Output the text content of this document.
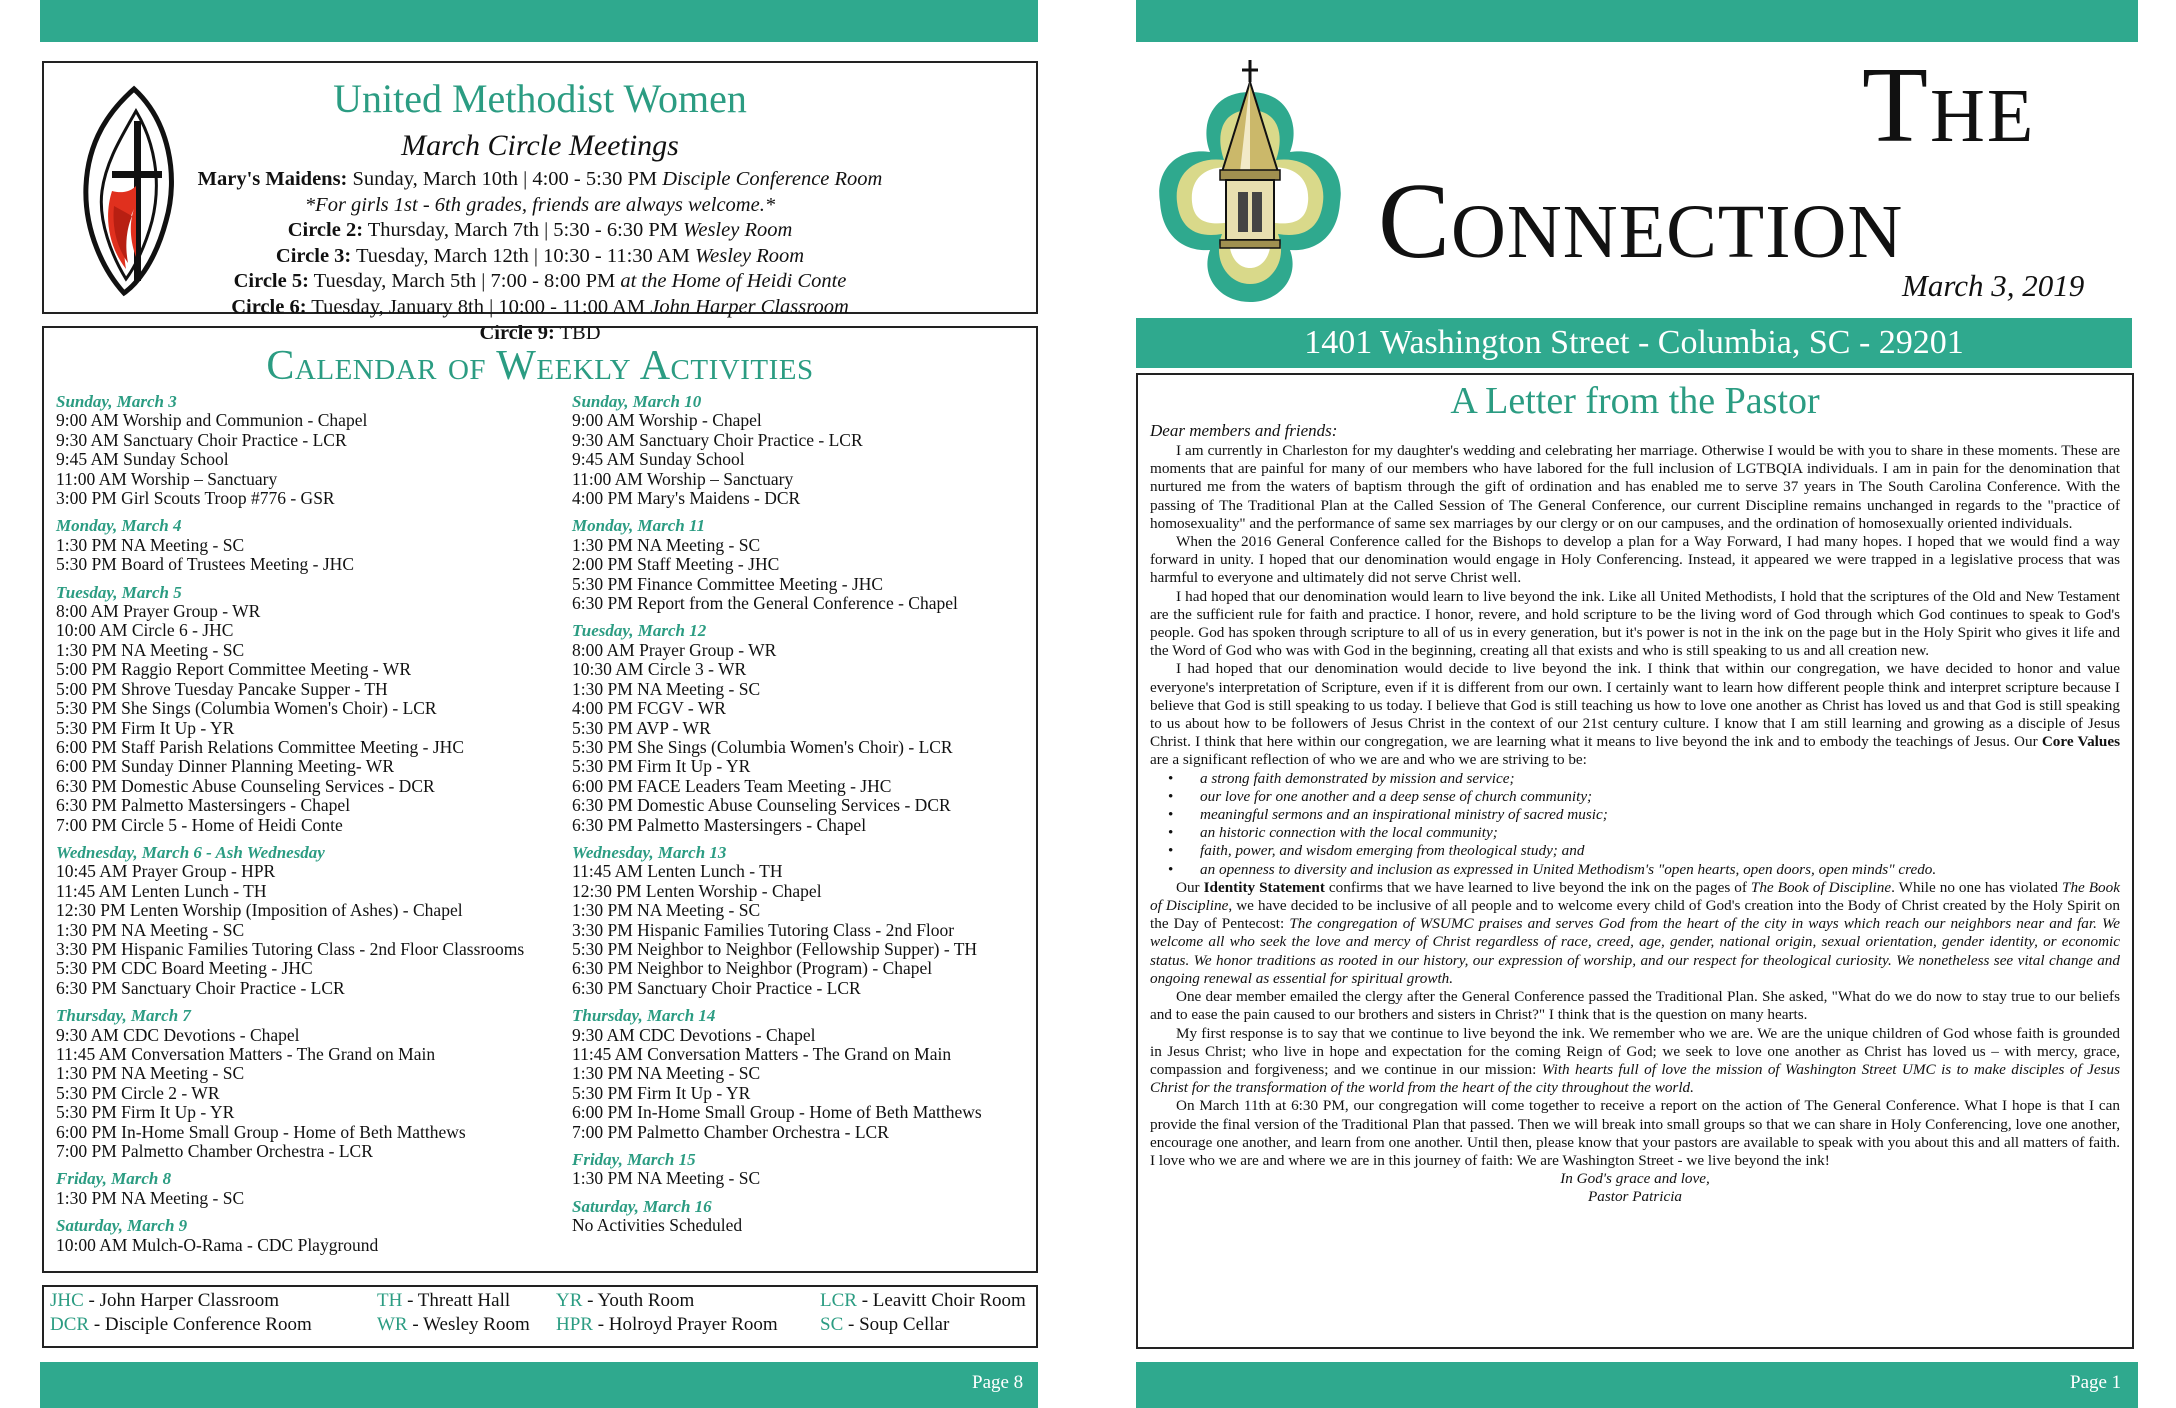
United Methodist Women
March Circle Meetings
Mary's Maidens: Sunday, March 10th | 4:00 - 5:30 PM Disciple Conference Room
*For girls 1st - 6th grades, friends are always welcome.*
Circle 2: Thursday, March 7th | 5:30 - 6:30 PM Wesley Room
Circle 3: Tuesday, March 12th | 10:30 - 11:30 AM Wesley Room
Circle 5: Tuesday, March 5th | 7:00 - 8:00 PM at the Home of Heidi Conte
Circle 6: Tuesday, January 8th | 10:00 - 11:00 AM John Harper Classroom
Circle 9: TBD
Calendar of Weekly Activities
Sunday, March 3
9:00 AM Worship and Communion - Chapel
9:30 AM Sanctuary Choir Practice - LCR
9:45 AM Sunday School
11:00 AM Worship – Sanctuary
3:00 PM Girl Scouts Troop #776 - GSR
Monday, March 4
1:30 PM NA Meeting - SC
5:30 PM Board of Trustees Meeting - JHC
Tuesday, March 5
8:00 AM Prayer Group - WR
10:00 AM Circle 6 - JHC
1:30 PM NA Meeting - SC
5:00 PM Raggio Report Committee Meeting - WR
5:00 PM Shrove Tuesday Pancake Supper - TH
5:30 PM She Sings (Columbia Women's Choir) - LCR
5:30 PM Firm It Up - YR
6:00 PM Staff Parish Relations Committee Meeting - JHC
6:00 PM Sunday Dinner Planning Meeting- WR
6:30 PM Domestic Abuse Counseling Services - DCR
6:30 PM Palmetto Mastersingers - Chapel
7:00 PM Circle 5 - Home of Heidi Conte
Wednesday, March 6 - Ash Wednesday
10:45 AM Prayer Group - HPR
11:45 AM Lenten Lunch - TH
12:30 PM Lenten Worship (Imposition of Ashes) - Chapel
1:30 PM NA Meeting - SC
3:30 PM Hispanic Families Tutoring Class - 2nd Floor Classrooms
5:30 PM CDC Board Meeting - JHC
6:30 PM Sanctuary Choir Practice - LCR
Thursday, March 7
9:30 AM CDC Devotions - Chapel
11:45 AM Conversation Matters - The Grand on Main
1:30 PM NA Meeting - SC
5:30 PM Circle 2 - WR
5:30 PM Firm It Up - YR
6:00 PM In-Home Small Group - Home of Beth Matthews
7:00 PM Palmetto Chamber Orchestra - LCR
Friday, March 8
1:30 PM NA Meeting - SC
Saturday, March 9
10:00 AM Mulch-O-Rama - CDC Playground
Sunday, March 10
9:00 AM Worship - Chapel
9:30 AM Sanctuary Choir Practice - LCR
9:45 AM Sunday School
11:00 AM Worship – Sanctuary
4:00 PM Mary's Maidens - DCR
Monday, March 11
1:30 PM NA Meeting - SC
2:00 PM Staff Meeting - JHC
5:30 PM Finance Committee Meeting - JHC
6:30 PM Report from the General Conference - Chapel
Tuesday, March 12
8:00 AM Prayer Group - WR
10:30 AM Circle 3 - WR
1:30 PM NA Meeting - SC
4:00 PM FCGV - WR
5:30 PM AVP - WR
5:30 PM She Sings (Columbia Women's Choir) - LCR
5:30 PM Firm It Up - YR
6:00 PM FACE Leaders Team Meeting - JHC
6:30 PM Domestic Abuse Counseling Services - DCR
6:30 PM Palmetto Mastersingers - Chapel
Wednesday, March 13
11:45 AM Lenten Lunch - TH
12:30 PM Lenten Worship - Chapel
1:30 PM NA Meeting - SC
3:30 PM Hispanic Families Tutoring Class - 2nd Floor
5:30 PM Neighbor to Neighbor (Fellowship Supper) - TH
6:30 PM Neighbor to Neighbor (Program) - Chapel
6:30 PM Sanctuary Choir Practice - LCR
Thursday, March 14
9:30 AM CDC Devotions - Chapel
11:45 AM Conversation Matters - The Grand on Main
1:30 PM NA Meeting - SC
5:30 PM Firm It Up - YR
6:00 PM In-Home Small Group - Home of Beth Matthews
7:00 PM Palmetto Chamber Orchestra - LCR
Friday, March 15
1:30 PM NA Meeting - SC
Saturday, March 16
No Activities Scheduled
JHC - John Harper Classroom	TH - Threatt Hall YR - Youth Room	LCR - Leavitt Choir Room
DCR - Disciple Conference Room	WR - Wesley Room HPR - Holroyd Prayer Room SC - Soup Cellar
Page 8
The
Connection
March 3, 2019
1401 Washington Street - Columbia, SC - 29201
A Letter from the Pastor

Dear members and friends:

I am currently in Charleston for my daughter's wedding and celebrating her marriage. Otherwise I would be with you to share in these moments. These are moments that are painful for many of our members who have labored for the full inclusion of LGTBQIA individuals. I am in pain for the denomination that nurtured me from the waters of baptism through the gift of ordination and has enabled me to serve 37 years in The South Carolina Conference. With the passing of The Traditional Plan at the Called Session of The General Conference, our current Discipline remains unchanged in regards to the "practice of homosexuality" and the performance of same sex marriages by our clergy or on our campuses, and the ordination of homosexually oriented individuals.

When the 2016 General Conference called for the Bishops to develop a plan for a Way Forward, I had many hopes. I hoped that we would find a way forward in unity. I hoped that our denomination would engage in Holy Conferencing. Instead, it appeared we were trapped in a legislative process that was harmful to everyone and ultimately did not serve Christ well.

I had hoped that our denomination would learn to live beyond the ink. Like all United Methodists, I hold that the scriptures of the Old and New Testament are the sufficient rule for faith and practice. I honor, revere, and hold scripture to be the living word of God through which God continues to speak to God's people. God has spoken through scripture to all of us in every generation, but it's power is not in the ink on the page but in the Holy Spirit who gives it life and the Word of God who was with God in the beginning, creating all that exists and who is still speaking to us and all creation new.

I had hoped that our denomination would decide to live beyond the ink. I think that within our congregation, we have decided to honor and value everyone's interpretation of Scripture, even if it is different from our own. I certainly want to learn how different people think and interpret scripture because I believe that God is still speaking to us today. I believe that God is still teaching us how to love one another as Christ has loved us and that God is still speaking to us about how to be followers of Jesus Christ in the context of our 21st century culture. I know that I am still learning and growing as a disciple of Jesus Christ. I think that here within our congregation, we are learning what it means to live beyond the ink and to embody the teachings of Jesus. Our Core Values are a significant reflection of who we are and who we are striving to be:

• a strong faith demonstrated by mission and service;
• our love for one another and a deep sense of church community;
• meaningful sermons and an inspirational ministry of sacred music;
• an historic connection with the local community;
• faith, power, and wisdom emerging from theological study; and
• an openness to diversity and inclusion as expressed in United Methodism's "open hearts, open doors, open minds" credo.

Our Identity Statement confirms that we have learned to live beyond the ink on the pages of The Book of Discipline. While no one has violated The Book of Discipline, we have decided to be inclusive of all people and to welcome every child of God's creation into the Body of Christ created by the Holy Spirit on the Day of Pentecost: The congregation of WSUMC praises and serves God from the heart of the city in ways which reach our neighbors near and far. We welcome all who seek the love and mercy of Christ regardless of race, creed, age, gender, national origin, sexual orientation, gender identity, or economic status. We honor traditions as rooted in our history, our expression of worship, and our respect for theological curiosity. We nonetheless see vital change and ongoing renewal as essential for spiritual growth.

One dear member emailed the clergy after the General Conference passed the Traditional Plan. She asked, "What do we do now to stay true to our beliefs and to ease the pain caused to our brothers and sisters in Christ?" I think that is the question on many hearts.

My first response is to say that we continue to live beyond the ink. We remember who we are. We are the unique children of God whose faith is grounded in Jesus Christ; who live in hope and expectation for the coming Reign of God; we seek to love one another as Christ has loved us – with mercy, grace, compassion and forgiveness; and we continue in our mission: With hearts full of love the mission of Washington Street UMC is to make disciples of Jesus Christ for the transformation of the world from the heart of the city throughout the world.

On March 11th at 6:30 PM, our congregation will come together to receive a report on the action of The General Conference. What I hope is that I can provide the final version of the Traditional Plan that passed. Then we will break into small groups so that we can share in Holy Conferencing, love one another, encourage one another, and learn from one another. Until then, please know that your pastors are available to speak with you about this and all matters of faith. I love who we are and where we are in this journey of faith: We are Washington Street - we live beyond the ink!

In God's grace and love,

Pastor Patricia

Page 1
